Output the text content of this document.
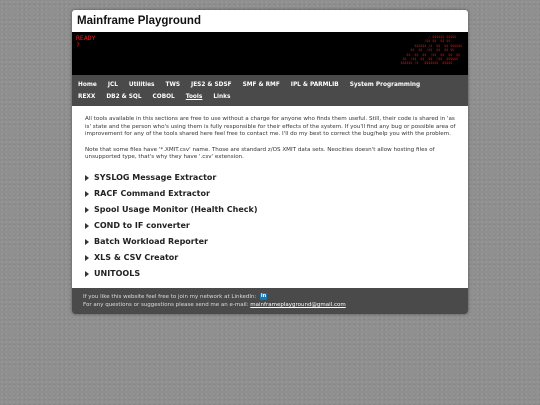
Mainframe Playground
READY
?
/ $$$$$$ $$$$$
/$$ $$  $$ $$
$$$$$$ /$  $$  $$ $$$$$$
$$  $$  /$$  $$  $$ $$
$$  $$  $$  /$$  $$  $$  $$
$$  /$$  $$  $$  /$$  $$$$$$
$$$$$$ /$   $$$$$$$  $$$$$

Home JCL Utilities TWS JES2 & SDSF SMF & RMF IPL & PARMLIB System Programming
REXX DB2 & SQL COBOL Tools Links

All tools available in this sections are free to use without a charge for anyone who finds them useful. Still, their code is shared in 'as is' state and the person who's using them is fully responsible for their effects of the system. If you'll find any bug or possible area of improvement for any of the tools shared here feel free to contact me. I'll do my best to correct the bug/help you with the problem.

Note that some files have '*.XMIT.csv' name. Those are standard z/OS XMIT data sets. Neocities doesn't allow hosting files of unsupported type, that's why they have '.csv' extension.

SYSLOG Message Extractor
RACF Command Extractor
Spool Usage Monitor (Health Check)
COND to IF converter
Batch Workload Reporter
XLS & CSV Creator
UNITOOLS
If you like this website feel free to join my network at LinkedIn: in
For any questions or suggestions please send me an e-mail: mainframeplayground@gmail.com
